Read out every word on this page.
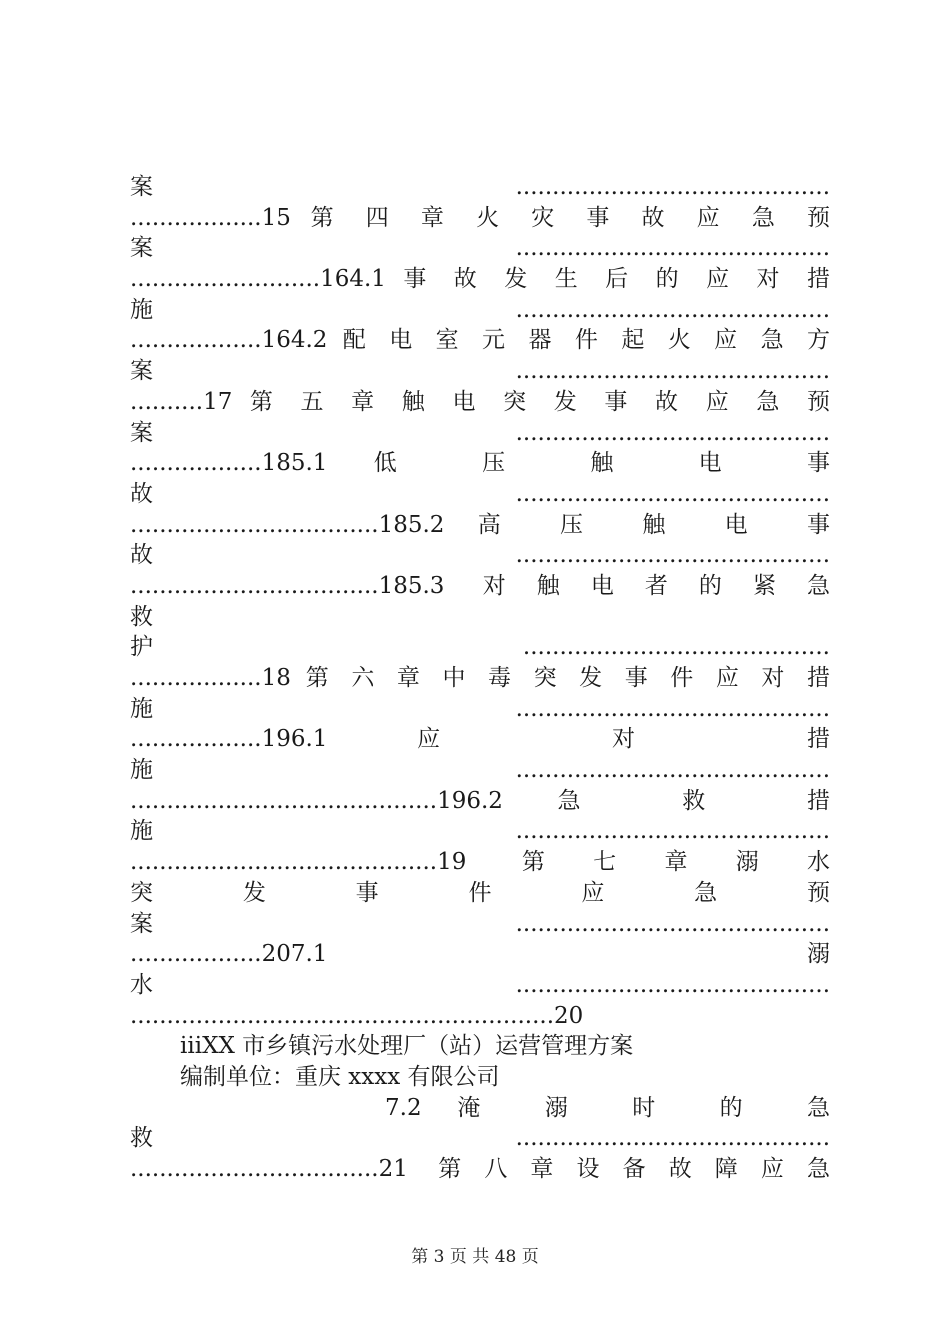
案...........................................
..................15 第 四 章 火 灾 事 故 应 急 预
案...........................................
..........................164.1 事 故 发 生 后 的 应 对 措
施...........................................
..................164.2 配 电 室 元 器 件 起 火 应 急 方
案...........................................
..........17 第 五 章 触 电 突 发 事 故 应 急 预
案...........................................
..................185.1 低 压 触 电 事
故...........................................
..................................185.2 高 压 触 电 事
故...........................................
..................................185.3 对触电者的紧急
救
护..........................................
..................18 第 六 章 中 毒 突 发 事 件 应 对 措
施...........................................
..................196.1 应 对 措
施...........................................
..........................................196.2 急 救 措
施...........................................
..........................................19 第七章溺水
突 发 事 件 应 急 预
案...........................................
..................207.1 溺
水...........................................
..........................................................20
iiiXX 市乡镇污水处理厂（站）运营管理方案
编制单位：重庆 xxxx 有限公司
7.2 淹 溺 时 的 急
救...........................................
..................................21 第八章设备故障应急
第 3 页 共 48 页
